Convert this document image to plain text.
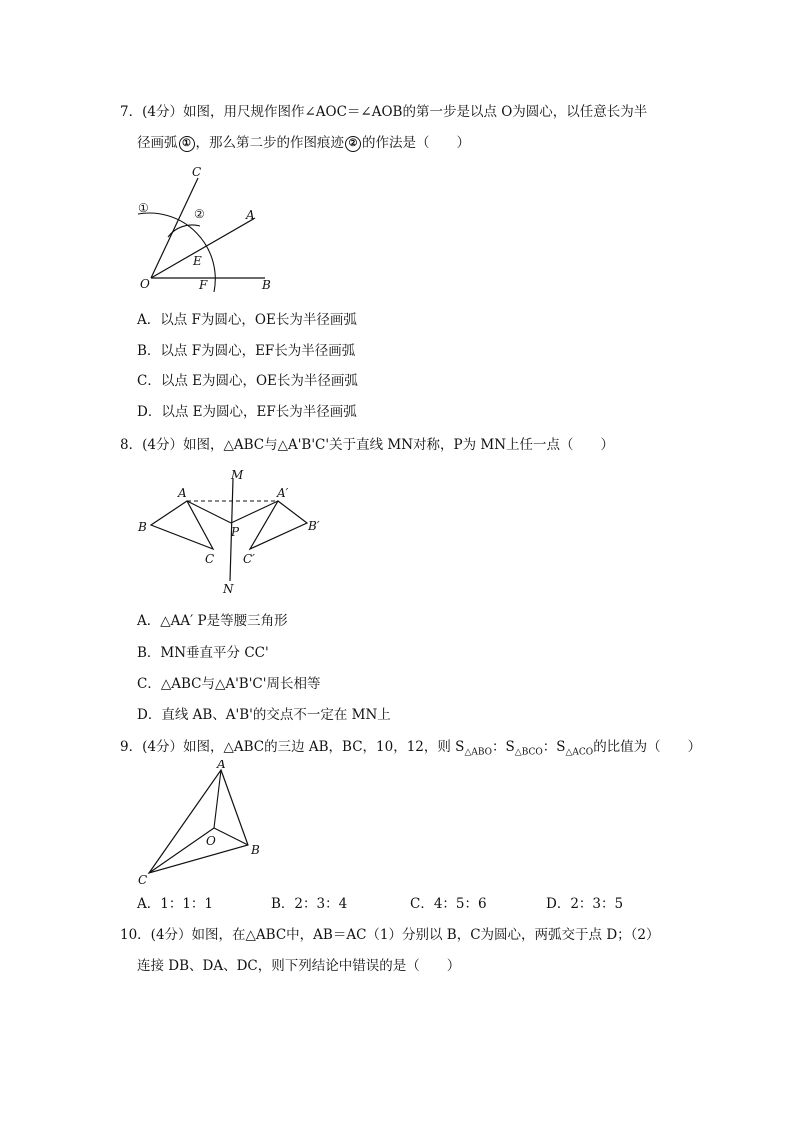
7．(4分）如图，用尺规作图作∠AOC＝∠AOB的第一步是以点 O为圆心，以任意长为半
径画弧 ① ，那么第二步的作图痕迹 ② 的作法是（　　）
C
A
O	F	B
E
①	②
A．以点 F为圆心，OE长为半径画弧
B．以点 F为圆心，EF长为半径画弧
C．以点 E为圆心，OE长为半径画弧
D．以点 E为圆心，EF长为半径画弧
8．(4分）如图，△ABC与△A'B'C'关于直线 MN对称，P为 MN上任一点（　　）
M
N
A
B
C
P
A′
B′
C′
A．△AA′ P是等腰三角形
B．MN垂直平分 CC'
C．△ABC与△A'B'C'周长相等
D．直线 AB、A'B'的交点不一定在 MN上
9．(4分）如图，△ABC的三边 AB，BC，10，12，则 $S_{\triangle ABO}$：$S_{\triangle BCO}$：$S_{\triangle ACO}$的比值为（　　）
A
O
B
C
A．1：1：1	B．2：3：4	C．4：5：6	D．2：3：5
10．(4分）如图，在△ABC中，AB＝AC（1）分别以 B，C为圆心，两弧交于点 D；（2）
连接 DB、DA、DC，则下列结论中错误的是（　　）
